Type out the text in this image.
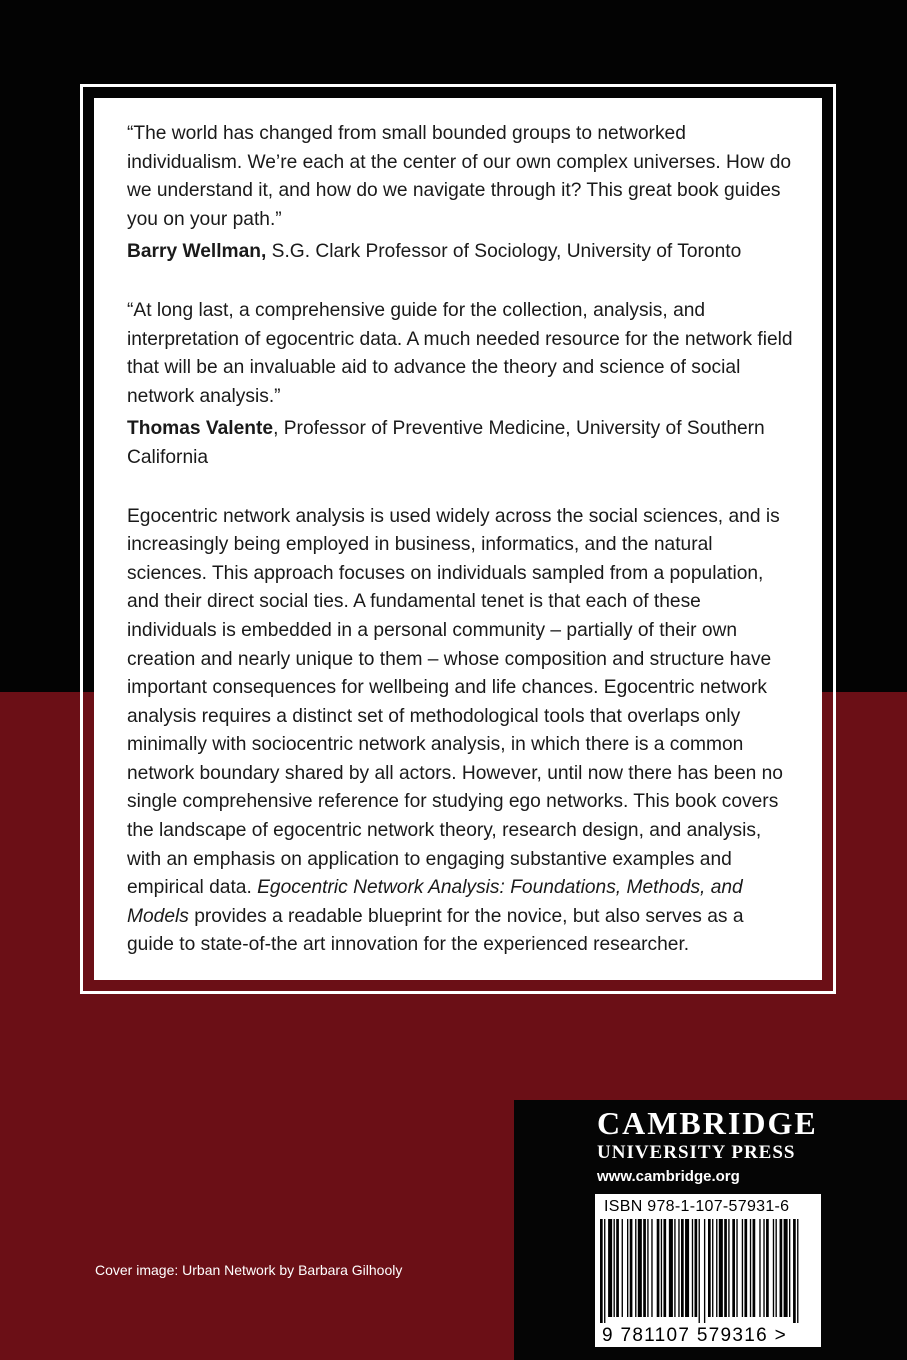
“The world has changed from small bounded groups to networked individualism. We’re each at the center of our own complex universes. How do we understand it, and how do we navigate through it? This great book guides you on your path.”

Barry Wellman, S.G. Clark Professor of Sociology, University of Toronto

“At long last, a comprehensive guide for the collection, analysis, and interpretation of egocentric data. A much needed resource for the network field that will be an invaluable aid to advance the theory and science of social network analysis.”

Thomas Valente, Professor of Preventive Medicine, University of Southern California

Egocentric network analysis is used widely across the social sciences, and is increasingly being employed in business, informatics, and the natural sciences. This approach focuses on individuals sampled from a population, and their direct social ties. A fundamental tenet is that each of these individuals is embedded in a personal community – partially of their own creation and nearly unique to them – whose composition and structure have important consequences for wellbeing and life chances. Egocentric network analysis requires a distinct set of methodological tools that overlaps only minimally with sociocentric network analysis, in which there is a common network boundary shared by all actors. However, until now there has been no single comprehensive reference for studying ego networks. This book covers the landscape of egocentric network theory, research design, and analysis, with an emphasis on application to engaging substantive examples and empirical data. Egocentric Network Analysis: Foundations, Methods, and Models provides a readable blueprint for the novice, but also serves as a guide to state-of-the art innovation for the experienced researcher.

Cover image: Urban Network by Barbara Gilhooly
CAMBRIDGE
UNIVERSITY PRESS
www.cambridge.org
ISBN 978-1-107-57931-6
9 781107 579316 >
